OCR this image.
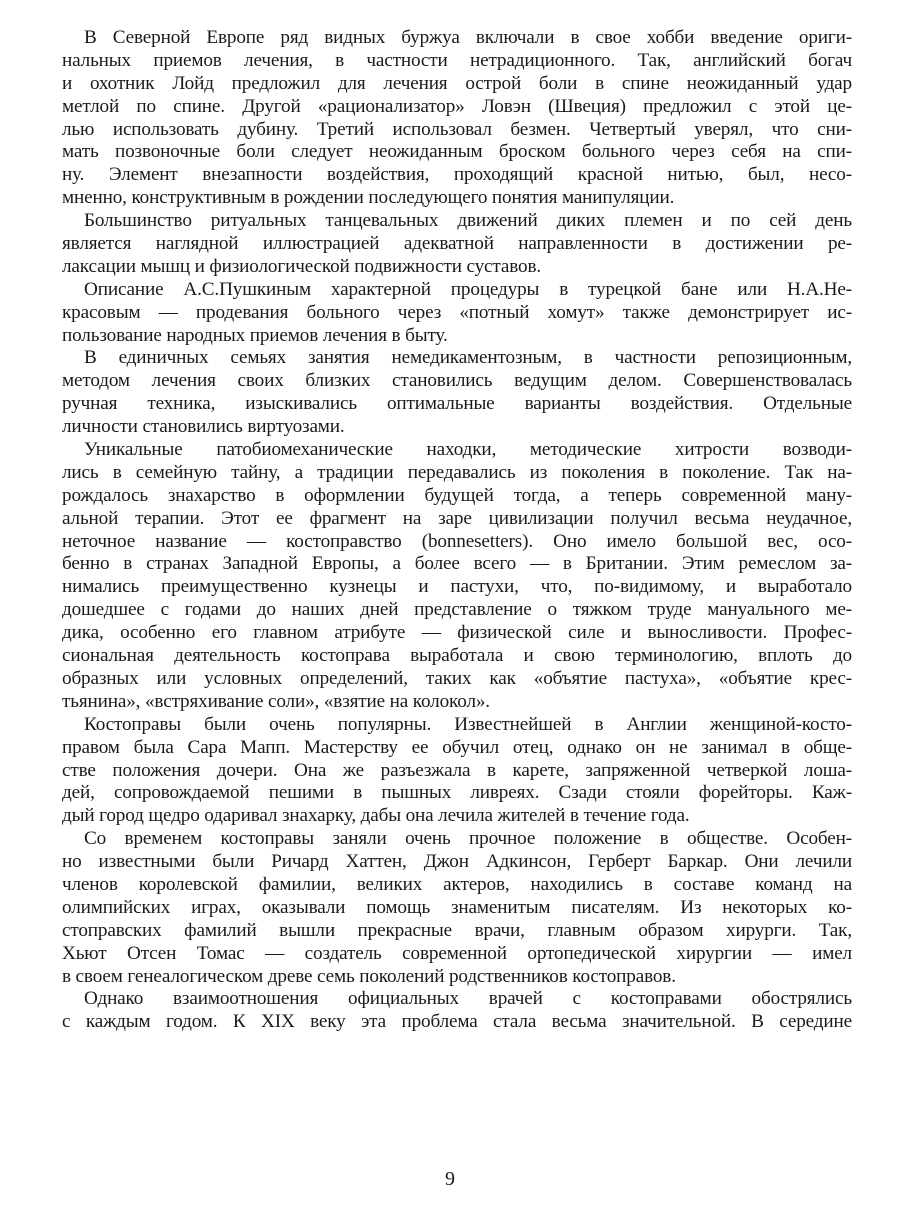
В Северной Европе ряд видных буржуа включали в свое хобби введение ориги-
нальных приемов лечения, в частности нетрадиционного. Так, английский богач
и охотник Лойд предложил для лечения острой боли в спине неожиданный удар
метлой по спине. Другой «рационализатор» Ловэн (Швеция) предложил с этой це-
лью использовать дубину. Третий использовал безмен. Четвертый уверял, что сни-
мать позвоночные боли следует неожиданным броском больного через себя на спи-
ну. Элемент внезапности воздействия, проходящий красной нитью, был, несо-
мненно, конструктивным в рождении последующего понятия манипуляции.
Большинство ритуальных танцевальных движений диких племен и по сей день
является наглядной иллюстрацией адекватной направленности в достижении ре-
лаксации мышц и физиологической подвижности суставов.
Описание А.С.Пушкиным характерной процедуры в турецкой бане или Н.А.Не-
красовым — продевания больного через «потный хомут» также демонстрирует ис-
пользование народных приемов лечения в быту.
В единичных семьях занятия немедикаментозным, в частности репозиционным,
методом лечения своих близких становились ведущим делом. Совершенствовалась
ручная техника, изыскивались оптимальные варианты воздействия. Отдельные
личности становились виртуозами.
Уникальные патобиомеханические находки, методические хитрости возводи-
лись в семейную тайну, а традиции передавались из поколения в поколение. Так на-
рождалось знахарство в оформлении будущей тогда, а теперь современной ману-
альной терапии. Этот ее фрагмент на заре цивилизации получил весьма неудачное,
неточное название — костоправство (bonnesetters). Оно имело большой вес, осо-
бенно в странах Западной Европы, а более всего — в Британии. Этим ремеслом за-
нимались преимущественно кузнецы и пастухи, что, по-видимому, и выработало
дошедшее с годами до наших дней представление о тяжком труде мануального ме-
дика, особенно его главном атрибуте — физической силе и выносливости. Профес-
сиональная деятельность костоправа выработала и свою терминологию, вплоть до
образных или условных определений, таких как «объятие пастуха», «объятие крес-
тьянина», «встряхивание соли», «взятие на колокол».
Костоправы были очень популярны. Известнейшей в Англии женщиной-косто-
правом была Сара Мапп. Мастерству ее обучил отец, однако он не занимал в обще-
стве положения дочери. Она же разъезжала в карете, запряженной четверкой лоша-
дей, сопровождаемой пешими в пышных ливреях. Сзади стояли форейторы. Каж-
дый город щедро одаривал знахарку, дабы она лечила жителей в течение года.
Со временем костоправы заняли очень прочное положение в обществе. Особен-
но известными были Ричард Хаттен, Джон Адкинсон, Герберт Баркар. Они лечили
членов королевской фамилии, великих актеров, находились в составе команд на
олимпийских играх, оказывали помощь знаменитым писателям. Из некоторых ко-
стоправских фамилий вышли прекрасные врачи, главным образом хирурги. Так,
Хьют Отсен Томас — создатель современной ортопедической хирургии — имел
в своем генеалогическом древе семь поколений родственников костоправов.
Однако взаимоотношения официальных врачей с костоправами обострялись
с каждым годом. К XIX веку эта проблема стала весьма значительной. В середине
9
